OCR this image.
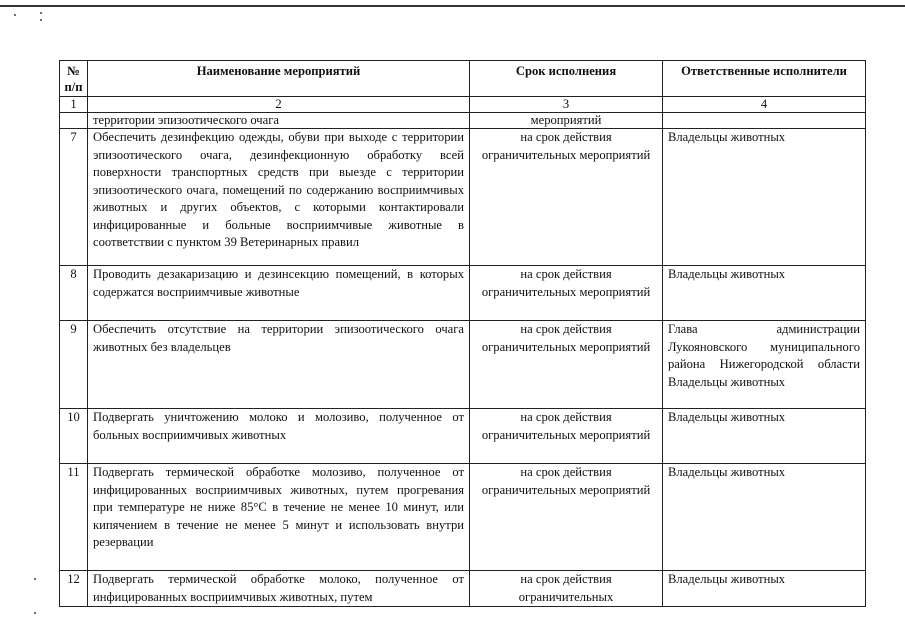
№ п/п	Наименование мероприятий	Срок исполнения	Ответственные исполнители
1	2	3	4
	территории эпизоотического очага	мероприятий	
7	Обеспечить дезинфекцию одежды, обуви при выходе с территории эпизоотического очага, дезинфекционную обработку всей поверхности транспортных средств при выезде с территории эпизоотического очага, помещений по содержанию восприимчивых животных и других объектов, с которыми контактировали инфицированные и больные восприимчивые животные в соответствии с пунктом 39 Ветеринарных правил	на срок действия ограничительных мероприятий	Владельцы животных
8	Проводить дезакаризацию и дезинсекцию помещений, в которых содержатся восприимчивые животные	на срок действия ограничительных мероприятий	Владельцы животных
9	Обеспечить отсутствие на территории эпизоотического очага животных без владельцев	на срок действия ограничительных мероприятий	Глава администрации Лукояновского муниципального района Нижегородской области Владельцы животных
10	Подвергать уничтожению молоко и молозиво, полученное от больных восприимчивых животных	на срок действия ограничительных мероприятий	Владельцы животных
11	Подвергать термической обработке молозиво, полученное от инфицированных восприимчивых животных, путем прогревания при температуре не ниже 85°С в течение не менее 10 минут, или кипячением в течение не менее 5 минут и использовать внутри резервации	на срок действия ограничительных мероприятий	Владельцы животных
12	Подвергать термической обработке молоко, полученное от инфицированных восприимчивых животных, путем	на срок действия ограничительных	Владельцы животных
